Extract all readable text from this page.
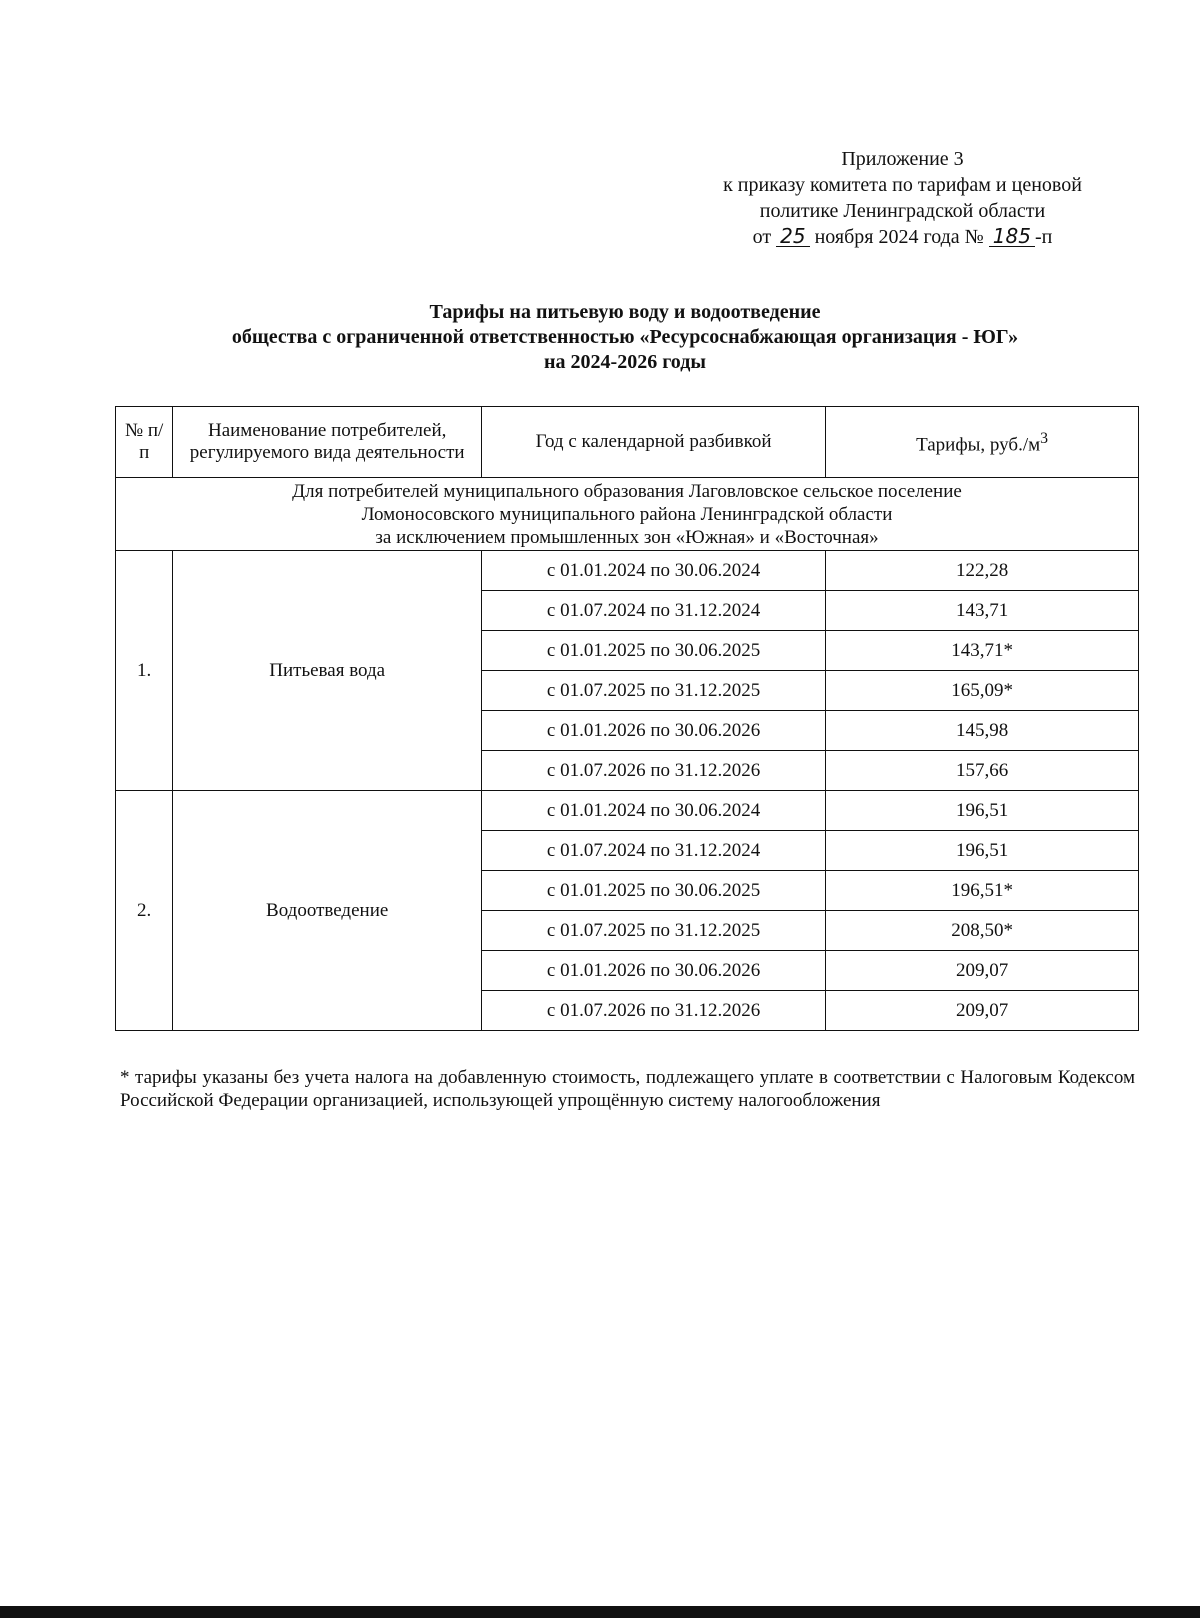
Приложение 3
к приказу комитета по тарифам и ценовой
политике Ленинградской области
от 25 ноября 2024 года № 185 -п
Тарифы на питьевую воду и водоотведение
общества с ограниченной ответственностью «Ресурсоснабжающая организация - ЮГ»
на 2024-2026 годы
№ п/п	Наименование потребителей, регулируемого вида деятельности	Год с календарной разбивкой	Тарифы, $руб./м^3$

Для потребителей муниципального образования Лаговловское сельское поселение
Ломоносовского муниципального района Ленинградской области
за исключением промышленных зон «Южная» и «Восточная»			

1.	Питьевая вода	с 01.01.2024 по 30.06.2024	122,28
		с 01.07.2024 по 31.12.2024	143,71
		с 01.01.2025 по 30.06.2025	143,71*
		с 01.07.2025 по 31.12.2025	165,09*
		с 01.01.2026 по 30.06.2026	145,98
		с 01.07.2026 по 31.12.2026	157,66
2.	Водоотведение	с 01.01.2024 по 30.06.2024	196,51
		с 01.07.2024 по 31.12.2024	196,51
		с 01.01.2025 по 30.06.2025	196,51*
		с 01.07.2025 по 31.12.2025	208,50*
		с 01.01.2026 по 30.06.2026	209,07
		с 01.07.2026 по 31.12.2026	209,07
* тарифы указаны без учета налога на добавленную стоимость, подлежащего уплате в соответствии с Налоговым Кодексом Российской Федерации организацией, использующей упрощённую систему налогообложения
